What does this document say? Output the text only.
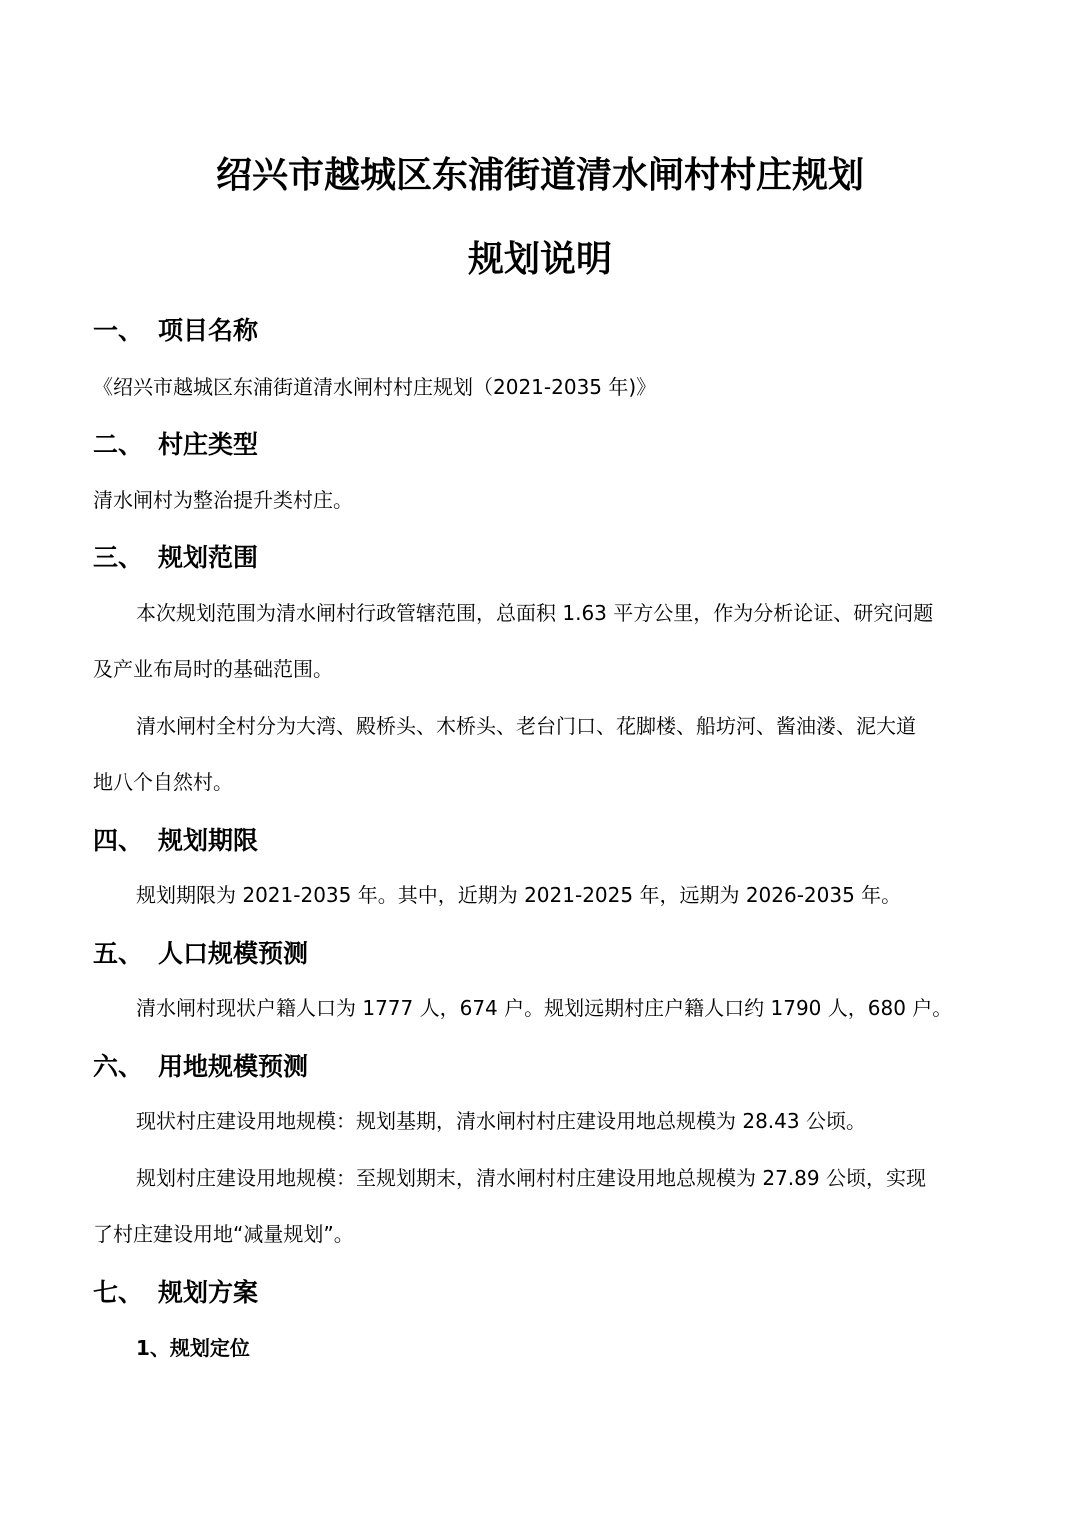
绍兴市越城区东浦街道清水闸村村庄规划
规划说明
一、 项目名称
《绍兴市越城区东浦街道清水闸村村庄规划（2021-2035 年)》
二、 村庄类型
清水闸村为整治提升类村庄。
三、 规划范围
本次规划范围为清水闸村行政管辖范围，总面积 1.63 平方公里，作为分析论证、研究问题
及产业布局时的基础范围。
清水闸村全村分为大湾、殿桥头、木桥头、老台门口、花脚楼、船坊河、酱油溇、泥大道
地八个自然村。
四、 规划期限
规划期限为 2021-2035 年。其中，近期为 2021-2025 年，远期为 2026-2035 年。
五、 人口规模预测
清水闸村现状户籍人口为 1777 人，674 户。规划远期村庄户籍人口约 1790 人，680 户。
六、 用地规模预测
现状村庄建设用地规模：规划基期，清水闸村村庄建设用地总规模为 28.43 公顷。
规划村庄建设用地规模：至规划期末，清水闸村村庄建设用地总规模为 27.89 公顷，实现
了村庄建设用地“减量规划”。
七、 规划方案
1、规划定位
